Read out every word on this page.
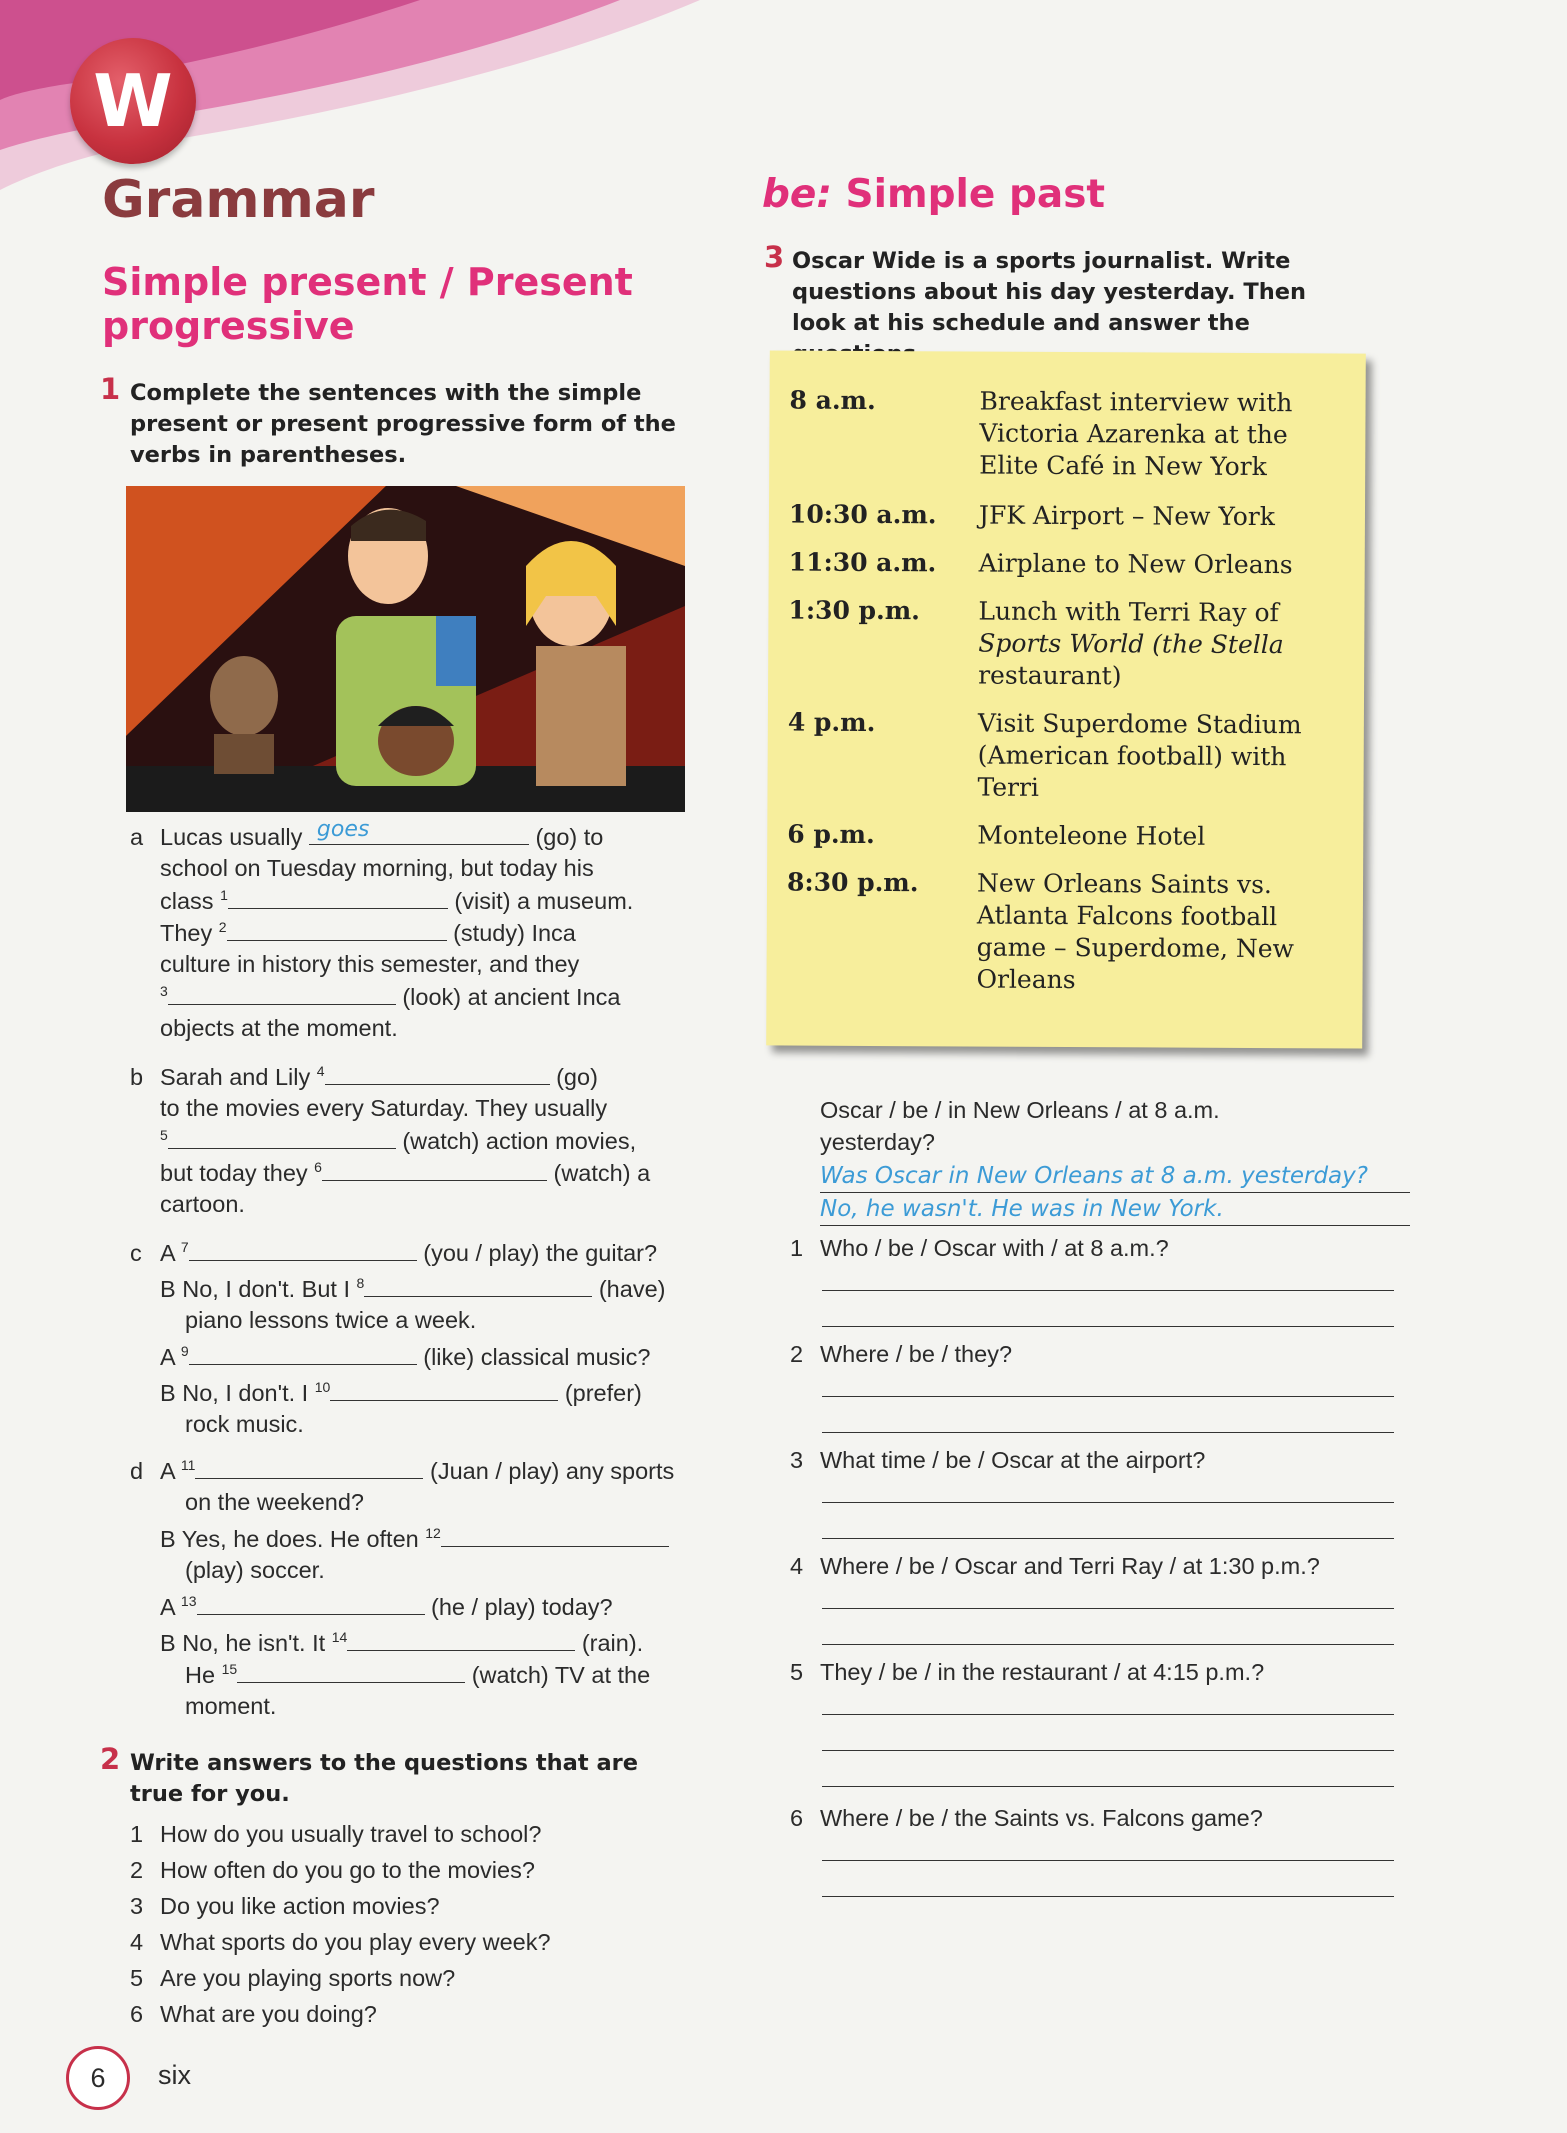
W
Grammar
Simple present / Present progressive
be: Simple past
1 Complete the sentences with the simple present or present progressive form of the verbs in parentheses.
a Lucas usually goes	(go) to
school on Tuesday morning, but today his
class $^1$	(visit) a museum.
They $^2$	(study) Inca
culture in history this semester, and they
$^3$	(look) at ancient Inca
objects at the moment.
b Sarah and Lily $^4$	(go)
to the movies every Saturday. They usually
$^5$	(watch) action movies,
but today they $^6$	(watch) a
cartoon.
c A $^7$	(you / play) the guitar?
B No, I don't. But I $^8$	(have)
piano lessons twice a week.
A $^9$	(like) classical music?
B No, I don't. I $^{10}$	(prefer)
rock music.
d A $^{11}$	(Juan / play) any sports
on the weekend?
B Yes, he does. He often $^{12}$
(play) soccer.
A $^{13}$	(he / play) today?
B No, he isn't. It $^{14}$	(rain).
He $^{15}$	(watch) TV at the
moment.
2 Write answers to the questions that are true for you.
1 How do you usually travel to school?
2 How often do you go to the movies?
3 Do you like action movies?
4 What sports do you play every week?
5 Are you playing sports now?
6 What are you doing?
3 Oscar Wide is a sports journalist. Write questions about his day yesterday. Then look at his schedule and answer the
8 a.m.	Breakfast interview with
Victoria Azarenka at the
Elite Café in New York
10:30 a.m. JFK Airport – New York
11:30 a.m. Airplane to New Orleans
1:30 p.m. Lunch with Terri Ray of
Sports World (the Stella
restaurant)
4 p.m.	Visit Superdome Stadium
(American football) with
Terri
6 p.m.	Monteleone Hotel
8:30 p.m. New Orleans Saints vs.
Atlanta Falcons football
game – Superdome, New
Orleans
Oscar / be / in New Orleans / at 8 a.m.
yesterday?
Was Oscar in New Orleans at 8 a.m. yesterday?
No, he wasn't. He was in New York.
1 Who / be / Oscar with / at 8 a.m.?
2 Where / be / they?
3 What time / be / Oscar at the airport?
4 Where / be / Oscar and Terri Ray / at 1:30 p.m.?
5 They / be / in the restaurant / at 4:15 p.m.?
6 Where / be / the Saints vs. Falcons game?
6	six
